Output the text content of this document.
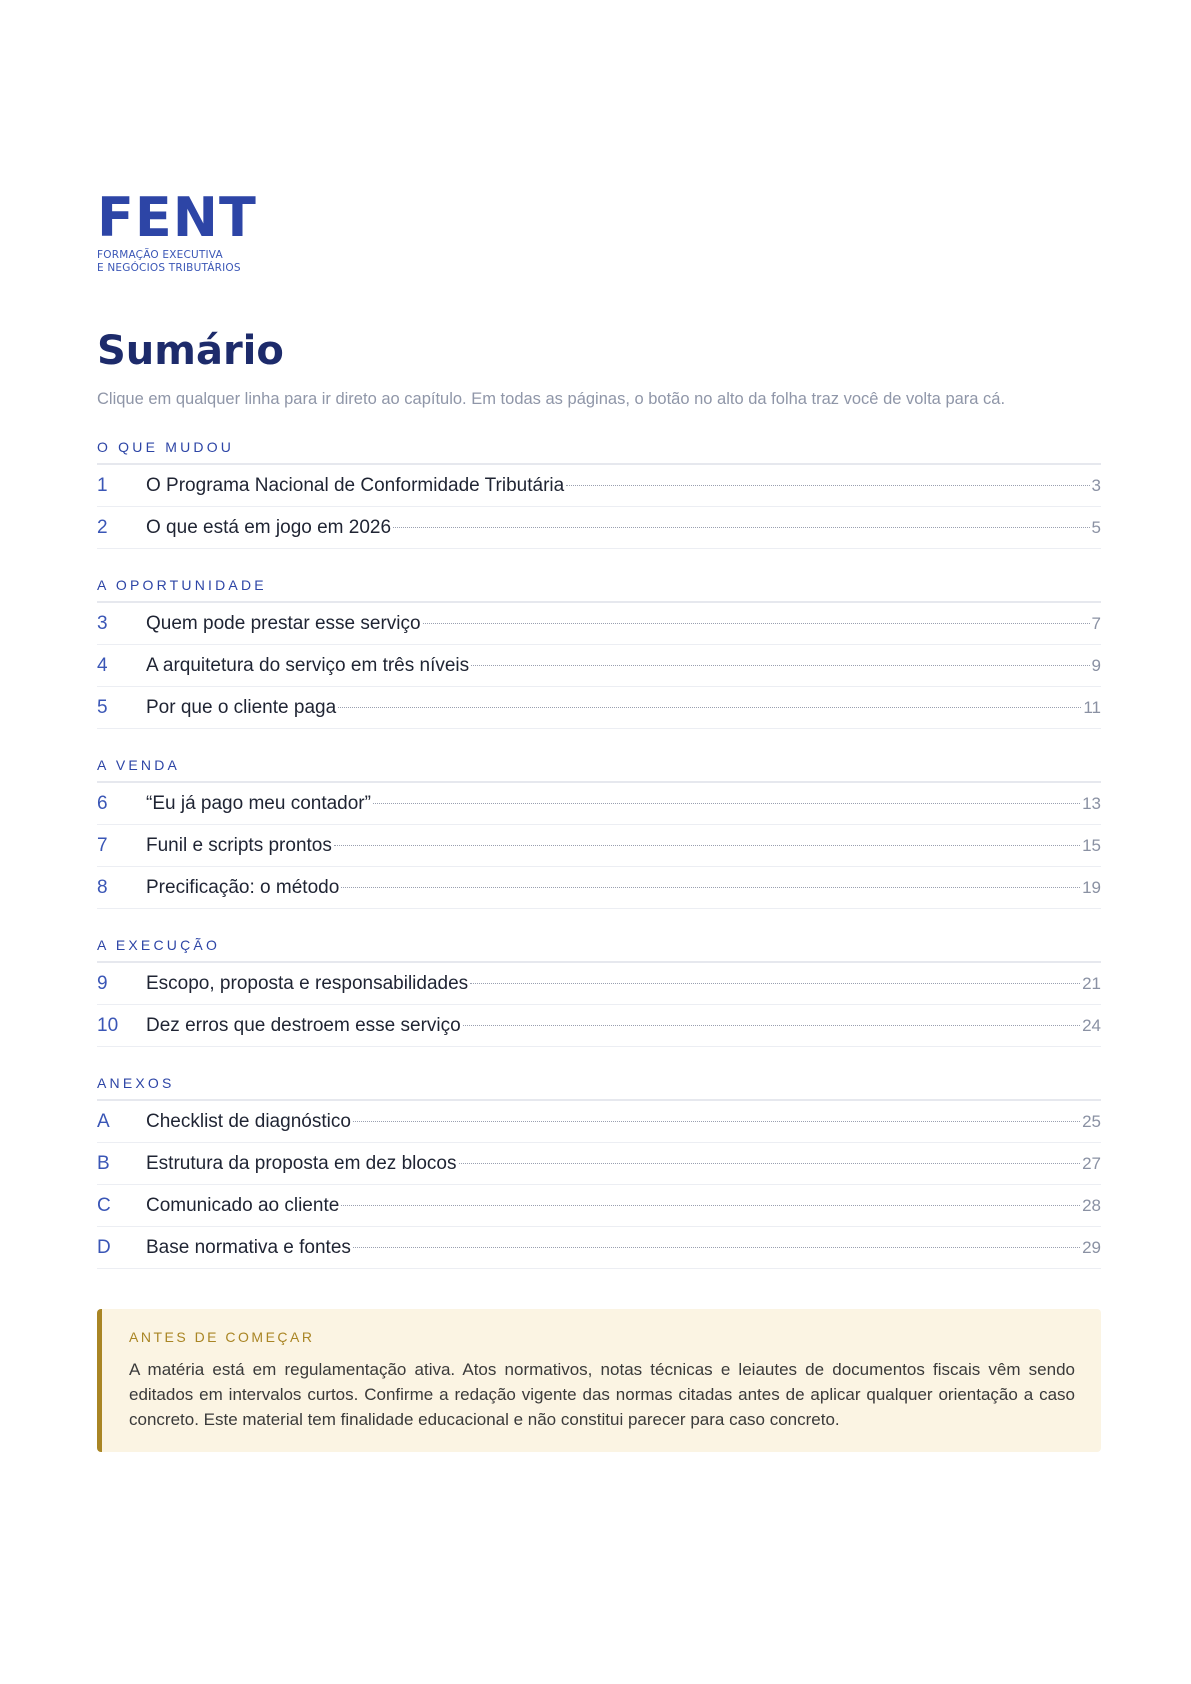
FENT
FORMAÇÃO EXECUTIVA
E NEGÓCIOS TRIBUTÁRIOS
Sumário
Clique em qualquer linha para ir direto ao capítulo. Em todas as páginas, o botão no alto da folha traz você de volta para cá.
O QUE MUDOU
1	O Programa Nacional de Conformidade Tributária	3
2	O que está em jogo em 2026	5
A OPORTUNIDADE
3	Quem pode prestar esse serviço	7
4	A arquitetura do serviço em três níveis	9
5	Por que o cliente paga	11
A VENDA
6	“Eu já pago meu contador”	13
7	Funil e scripts prontos	15
8	Precificação: o método	19
A EXECUÇÃO
9	Escopo, proposta e responsabilidades	21
10	Dez erros que destroem esse serviço	24
ANEXOS
A	Checklist de diagnóstico	25
B	Estrutura da proposta em dez blocos	27
C	Comunicado ao cliente	28
D	Base normativa e fontes	29
ANTES DE COMEÇAR
A matéria está em regulamentação ativa. Atos normativos, notas técnicas e leiautes de documentos fiscais vêm sendo editados em intervalos curtos. Confirme a redação vigente das normas citadas antes de aplicar qualquer orientação a caso concreto. Este material tem finalidade educacional e não constitui parecer para caso concreto.
